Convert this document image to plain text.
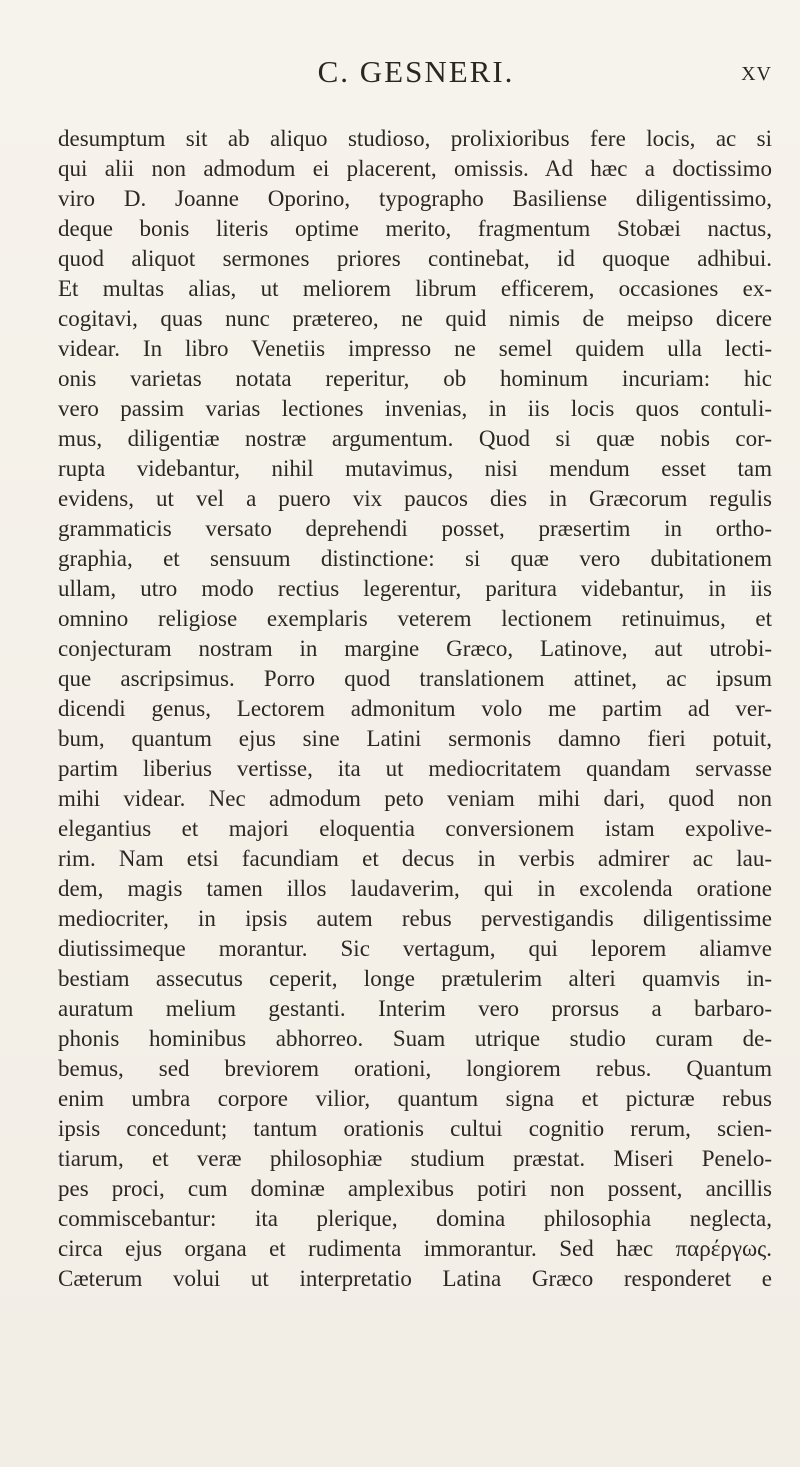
C. GESNERI.	XV
desumptum sit ab aliquo studioso, prolixioribus fere locis, ac si
qui alii non admodum ei placerent, omissis. Ad hæc a doctissimo
viro D. Joanne Oporino, typographo Basiliense diligentissimo,
deque bonis literis optime merito, fragmentum Stobæi nactus,
quod aliquot sermones priores continebat, id quoque adhibui.
Et multas alias, ut meliorem librum efficerem, occasiones ex-
cogitavi, quas nunc prætereo, ne quid nimis de meipso dicere
videar. In libro Venetiis impresso ne semel quidem ulla lecti-
onis varietas notata reperitur, ob hominum incuriam: hic
vero passim varias lectiones invenias, in iis locis quos contuli-
mus, diligentiæ nostræ argumentum. Quod si quæ nobis cor-
rupta videbantur, nihil mutavimus, nisi mendum esset tam
evidens, ut vel a puero vix paucos dies in Græcorum regulis
grammaticis versato deprehendi posset, præsertim in ortho-
graphia, et sensuum distinctione: si quæ vero dubitationem
ullam, utro modo rectius legerentur, paritura videbantur, in iis
omnino religiose exemplaris veterem lectionem retinuimus, et
conjecturam nostram in margine Græco, Latinove, aut utrobi-
que ascripsimus. Porro quod translationem attinet, ac ipsum
dicendi genus, Lectorem admonitum volo me partim ad ver-
bum, quantum ejus sine Latini sermonis damno fieri potuit,
partim liberius vertisse, ita ut mediocritatem quandam servasse
mihi videar. Nec admodum peto veniam mihi dari, quod non
elegantius et majori eloquentia conversionem istam expolive-
rim. Nam etsi facundiam et decus in verbis admirer ac lau-
dem, magis tamen illos laudaverim, qui in excolenda oratione
mediocriter, in ipsis autem rebus pervestigandis diligentissime
diutissimeque morantur. Sic vertagum, qui leporem aliamve
bestiam assecutus ceperit, longe prætulerim alteri quamvis in-
auratum melium gestanti. Interim vero prorsus a barbaro-
phonis hominibus abhorreo. Suam utrique studio curam de-
bemus, sed breviorem orationi, longiorem rebus. Quantum
enim umbra corpore vilior, quantum signa et picturæ rebus
ipsis concedunt; tantum orationis cultui cognitio rerum, scien-
tiarum, et veræ philosophiæ studium præstat. Miseri Penelo-
pes proci, cum dominæ amplexibus potiri non possent, ancillis
commiscebantur: ita plerique, domina philosophia neglecta,
circa ejus organa et rudimenta immorantur. Sed hæc παρέργως.
Cæterum volui ut interpretatio Latina Græco responderet e
